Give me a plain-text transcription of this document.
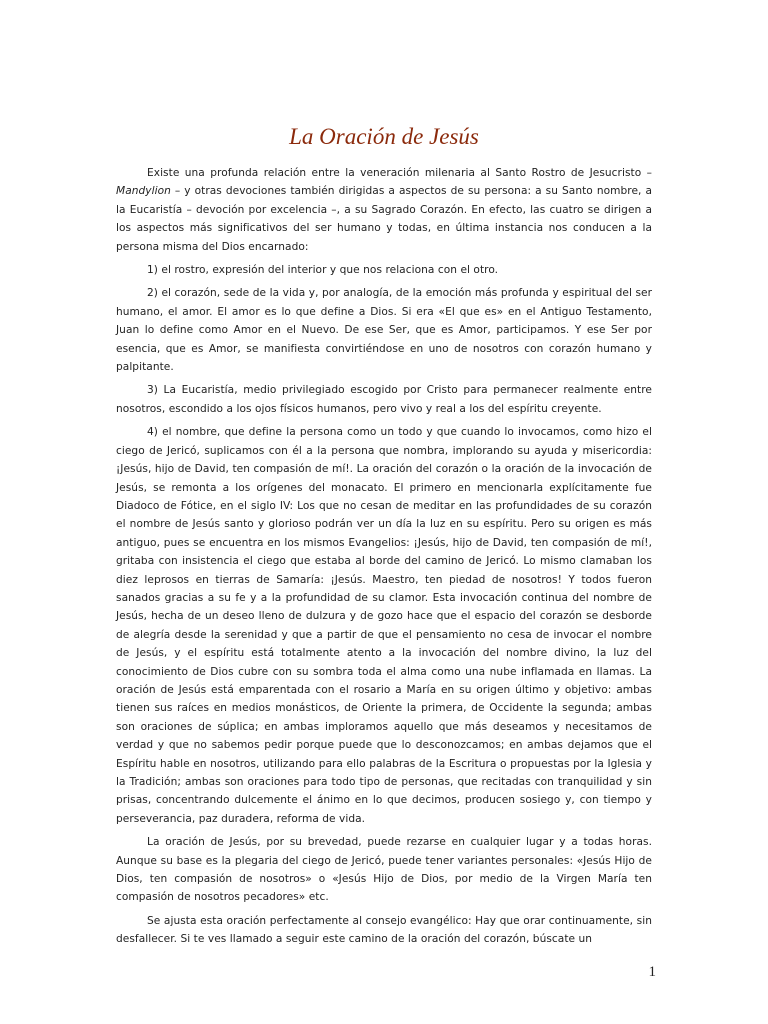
La Oración de Jesús

Existe una profunda relación entre la veneración milenaria al Santo Rostro de Jesucristo – Mandylion – y otras devociones también dirigidas a aspectos de su persona: a su Santo nombre, a la Eucaristía – devoción por excelencia –, a su Sagrado Corazón. En efecto, las cuatro se dirigen a los aspectos más significativos del ser humano y todas, en última instancia nos conducen a la persona misma del Dios encarnado:

1) el rostro, expresión del interior y que nos relaciona con el otro.

2) el corazón, sede de la vida y, por analogía, de la emoción más profunda y espiritual del ser humano, el amor. El amor es lo que define a Dios. Si era «El que es» en el Antiguo Testamento, Juan lo define como Amor en el Nuevo. De ese Ser, que es Amor, participamos. Y ese Ser por esencia, que es Amor, se manifiesta convirtiéndose en uno de nosotros con corazón humano y palpitante.

3) La Eucaristía, medio privilegiado escogido por Cristo para permanecer realmente entre nosotros, escondido a los ojos físicos humanos, pero vivo y real a los del espíritu creyente.

4) el nombre, que define la persona como un todo y que cuando lo invocamos, como hizo el ciego de Jericó, suplicamos con él a la persona que nombra, implorando su ayuda y misericordia: ¡Jesús, hijo de David, ten compasión de mí!. La oración del corazón o la oración de la invocación de Jesús, se remonta a los orígenes del monacato. El primero en mencionarla explícitamente fue Diadoco de Fótice, en el siglo IV: Los que no cesan de meditar en las profundidades de su corazón el nombre de Jesús santo y glorioso podrán ver un día la luz en su espíritu. Pero su origen es más antiguo, pues se encuentra en los mismos Evangelios: ¡Jesús, hijo de David, ten compasión de mí!, gritaba con insistencia el ciego que estaba al borde del camino de Jericó. Lo mismo clamaban los diez leprosos en tierras de Samaría: ¡Jesús. Maestro, ten piedad de nosotros! Y todos fueron sanados gracias a su fe y a la profundidad de su clamor. Esta invocación continua del nombre de Jesús, hecha de un deseo lleno de dulzura y de gozo hace que el espacio del corazón se desborde de alegría desde la serenidad y que a partir de que el pensamiento no cesa de invocar el nombre de Jesús, y el espíritu está totalmente atento a la invocación del nombre divino, la luz del conocimiento de Dios cubre con su sombra toda el alma como una nube inflamada en llamas. La oración de Jesús está emparentada con el rosario a María en su origen último y objetivo: ambas tienen sus raíces en medios monásticos, de Oriente la primera, de Occidente la segunda; ambas son oraciones de súplica; en ambas imploramos aquello que más deseamos y necesitamos de verdad y que no sabemos pedir porque puede que lo desconozcamos; en ambas dejamos que el Espíritu hable en nosotros, utilizando para ello palabras de la Escritura o propuestas por la Iglesia y la Tradición; ambas son oraciones para todo tipo de personas, que recitadas con tranquilidad y sin prisas, concentrando dulcemente el ánimo en lo que decimos, producen sosiego y, con tiempo y perseverancia, paz duradera, reforma de vida.

La oración de Jesús, por su brevedad, puede rezarse en cualquier lugar y a todas horas. Aunque su base es la plegaria del ciego de Jericó, puede tener variantes personales: «Jesús Hijo de Dios, ten compasión de nosotros» o «Jesús Hijo de Dios, por medio de la Virgen María ten compasión de nosotros pecadores» etc.

Se ajusta esta oración perfectamente al consejo evangélico: Hay que orar continuamente, sin desfallecer. Si te ves llamado a seguir este camino de la oración del corazón, búscate un

1
